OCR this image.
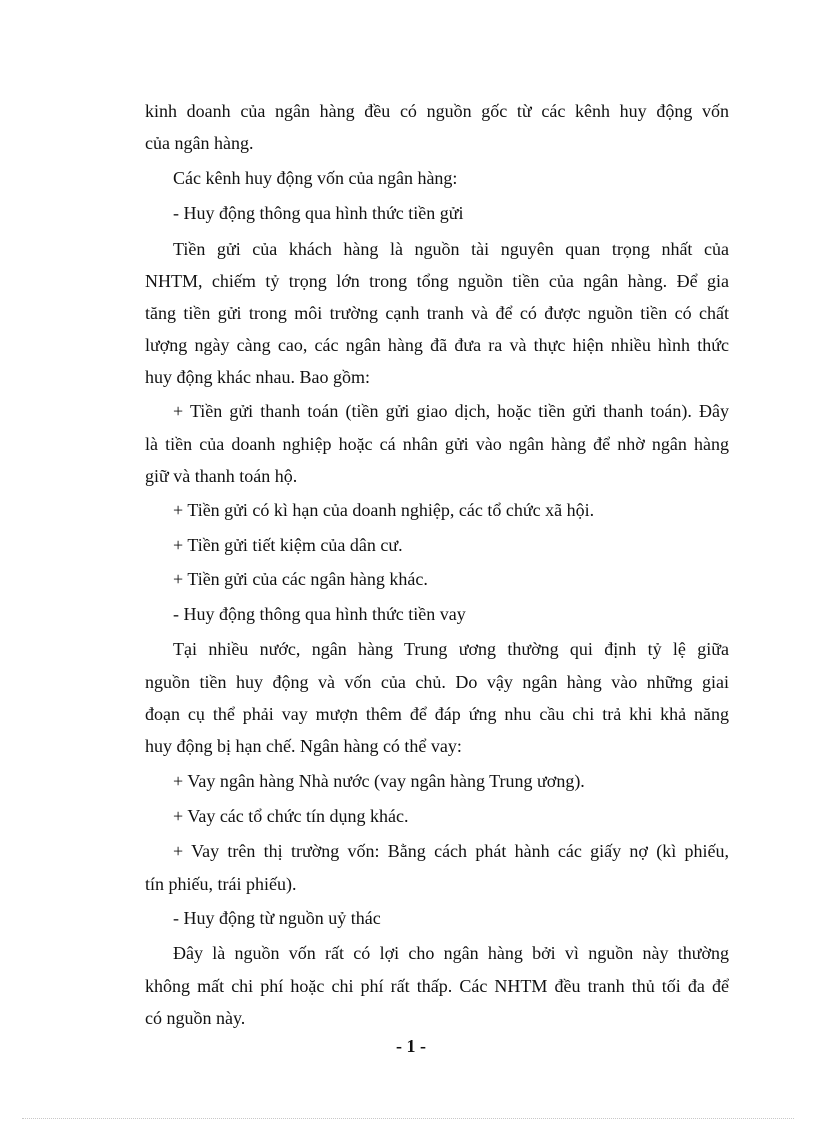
kinh doanh của ngân hàng đều có nguồn gốc từ các kênh huy động vốn
của ngân hàng.
Các kênh huy động vốn của ngân hàng:
- Huy động thông qua hình thức tiền gửi
Tiền gửi của khách hàng là nguồn tài nguyên quan trọng nhất của
NHTM, chiếm tỷ trọng lớn trong tổng nguồn tiền của ngân hàng. Để gia
tăng tiền gửi trong môi trường cạnh tranh và để có được nguồn tiền có chất
lượng ngày càng cao, các ngân hàng đã đưa ra và thực hiện nhiều hình thức
huy động khác nhau. Bao gồm:
+ Tiền gửi thanh toán (tiền gửi giao dịch, hoặc tiền gửi thanh toán). Đây
là tiền của doanh nghiệp hoặc cá nhân gửi vào ngân hàng để nhờ ngân hàng
giữ và thanh toán hộ.
+ Tiền gửi có kì hạn của doanh nghiệp, các tổ chức xã hội.
+ Tiền gửi tiết kiệm của dân cư.
+ Tiền gửi của các ngân hàng khác.
- Huy động thông qua hình thức tiền vay
Tại nhiều nước, ngân hàng Trung ương thường qui định tỷ lệ giữa
nguồn tiền huy động và vốn của chủ. Do vậy ngân hàng vào những giai
đoạn cụ thể phải vay mượn thêm để đáp ứng nhu cầu chi trả khi khả năng
huy động bị hạn chế. Ngân hàng có thể vay:
+ Vay ngân hàng Nhà nước (vay ngân hàng Trung ương).
+ Vay các tổ chức tín dụng khác.
+ Vay trên thị trường vốn: Bằng cách phát hành các giấy nợ (kì phiếu,
tín phiếu, trái phiếu).
- Huy động từ nguồn uỷ thác
Đây là nguồn vốn rất có lợi cho ngân hàng bởi vì nguồn này thường
không mất chi phí hoặc chi phí rất thấp. Các NHTM đều tranh thủ tối đa để
có nguồn này.
- 1 -
